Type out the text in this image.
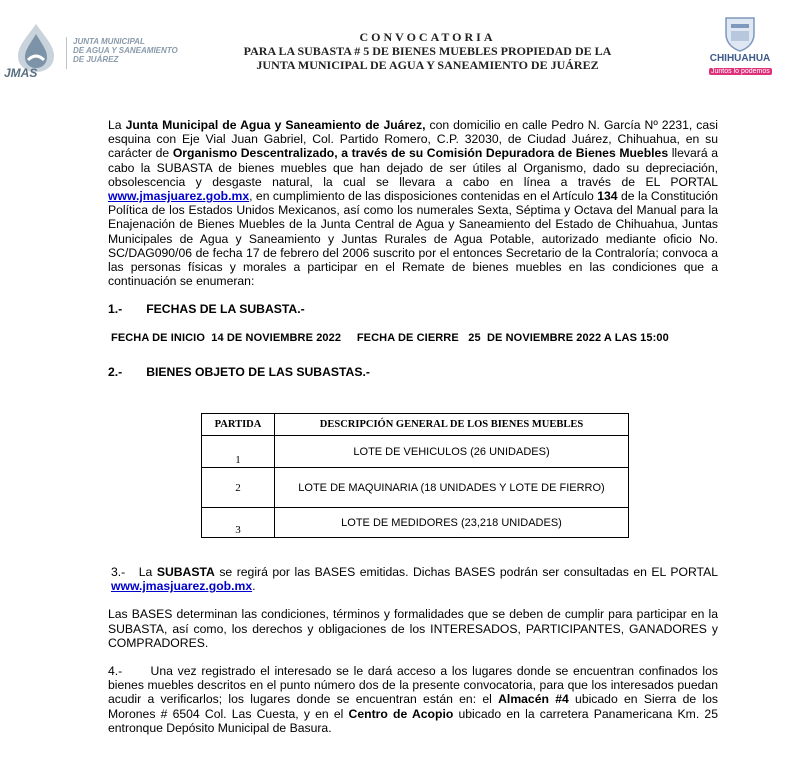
JMAS
JUNTA MUNICIPAL
DE AGUA Y SANEAMIENTO
DE JUÁREZ
CONVOCATORIA
PARA LA SUBASTA # 5 DE BIENES MUEBLES PROPIEDAD DE LA
JUNTA MUNICIPAL DE AGUA Y SANEAMIENTO DE JUÁREZ	CHIHUAHUA
Juntos lo podemos

La Junta Municipal de Agua y Saneamiento de Juárez, con domicilio en calle Pedro N. García Nº 2231, casi esquina con Eje Vial Juan Gabriel, Col. Partido Romero, C.P. 32030, de Ciudad Juárez, Chihuahua, en su carácter de Organismo Descentralizado, a través de su Comisión Depuradora de Bienes Muebles llevará a cabo la SUBASTA de bienes muebles que han dejado de ser útiles al Organismo, dado su depreciación, obsolescencia y desgaste natural, la cual se llevara a cabo en línea a través de EL PORTAL www.jmasjuarez.gob.mx, en cumplimiento de las disposiciones contenidas en el Artículo 134 de la Constitución Política de los Estados Unidos Mexicanos, así como los numerales Sexta, Séptima y Octava del Manual para la Enajenación de Bienes Muebles de la Junta Central de Agua y Saneamiento del Estado de Chihuahua, Juntas Municipales de Agua y Saneamiento y Juntas Rurales de Agua Potable, autorizado mediante oficio No. SC/DAG090/06 de fecha 17 de febrero del 2006 suscrito por el entonces Secretario de la Contraloría; convoca a las personas físicas y morales a participar en el Remate de bienes muebles en las condiciones que a continuación se enumeran:

1.- FECHAS DE LA SUBASTA.-

FECHA DE INICIO  14 DE NOVIEMBRE 2022     FECHA DE CIERRE   25  DE NOVIEMBRE 2022 A LAS 15:00

2.- BIENES OBJETO DE LAS SUBASTAS.-

PARTIDA	DESCRIPCIÓN GENERAL DE LOS BIENES MUEBLES
1	LOTE DE VEHICULOS (26 UNIDADES)
2	LOTE DE MAQUINARIA (18 UNIDADES Y LOTE DE FIERRO)
3	LOTE DE MEDIDORES (23,218 UNIDADES)

3.-   La SUBASTA se regirá por las BASES emitidas. Dichas BASES podrán ser consultadas en EL PORTAL www.jmasjuarez.gob.mx.

Las BASES determinan las condiciones, términos y formalidades que se deben de cumplir para participar en la SUBASTA, así como, los derechos y obligaciones de los INTERESADOS, PARTICIPANTES, GANADORES y COMPRADORES.

4.-      Una vez registrado el interesado se le dará acceso a los lugares donde se encuentran confinados los bienes muebles descritos en el punto número dos de la presente convocatoria, para que los interesados puedan acudir a verificarlos; los lugares donde se encuentran están en: el Almacén #4 ubicado en Sierra de los Morones # 6504 Col. Las Cuesta, y en el Centro de Acopio ubicado en la carretera Panamericana Km. 25 entronque Depósito Municipal de Basura.
